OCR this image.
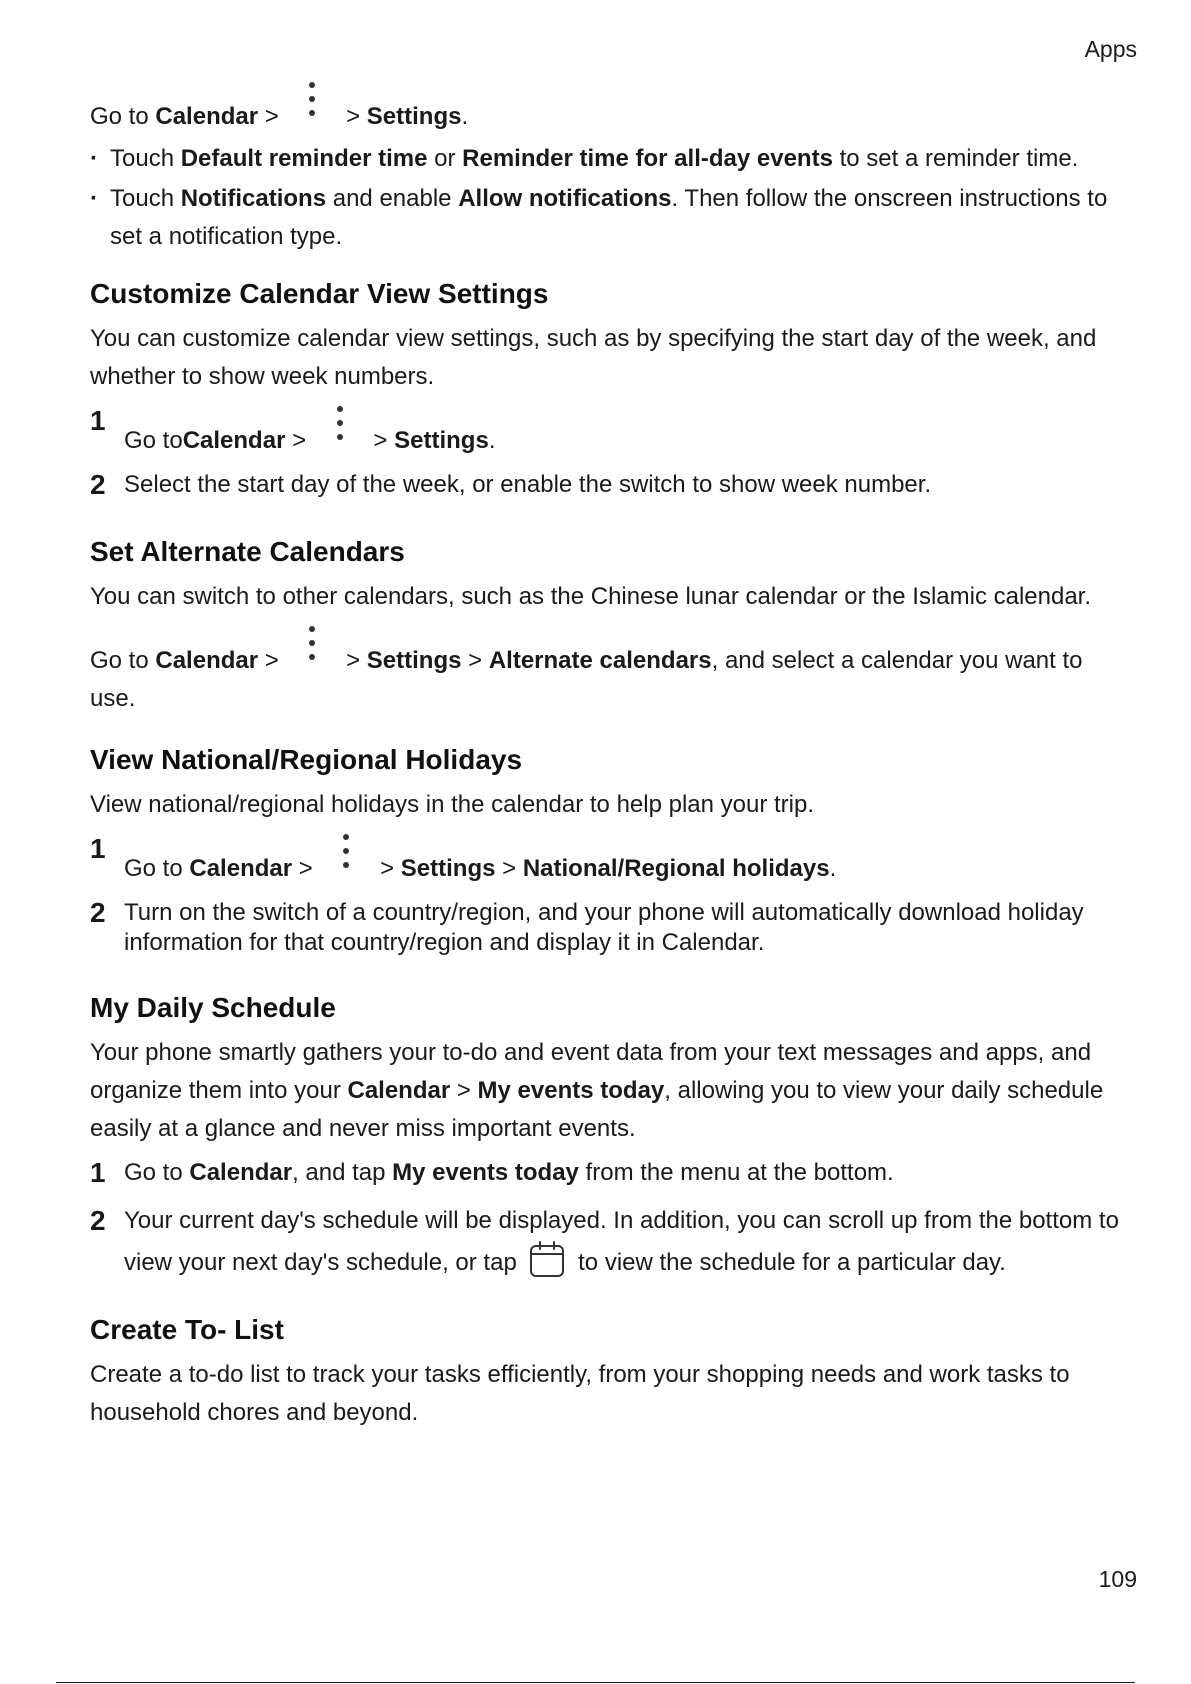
Apps

Go to Calendar >
> Settings.

· Touch Default reminder time or Reminder time for all-day events to set a reminder time.

· Touch Notifications and enable Allow notifications. Then follow the onscreen instructions to set a notification type.

Customize Calendar View Settings

You can customize calendar view settings, such as by specifying the start day of the week, and whether to show week numbers.

1
Go toCalendar >
> Settings.
2 Select the start day of the week, or enable the switch to show week number.
Set Alternate Calendars

You can switch to other calendars, such as the Chinese lunar calendar or the Islamic calendar.

Go to Calendar >
> Settings > Alternate calendars, and select a calendar you want to use.

View National/Regional Holidays

View national/regional holidays in the calendar to help plan your trip.

1
Go to Calendar >
> Settings > National/Regional holidays.
2 Turn on the switch of a country/region, and your phone will automatically download holiday information for that country/region and display it in Calendar.
My Daily Schedule

Your phone smartly gathers your to-do and event data from your text messages and apps, and organize them into your Calendar > My events today, allowing you to view your daily schedule easily at a glance and never miss important events.

1 Go to Calendar, and tap My events today from the menu at the bottom.
2 Your current day's schedule will be displayed. In addition, you can scroll up from the bottom to view your next day's schedule, or tap	to view the schedule for a particular day.
Create To- List

Create a to-do list to track your tasks efficiently, from your shopping needs and work tasks to household chores and beyond.

109
